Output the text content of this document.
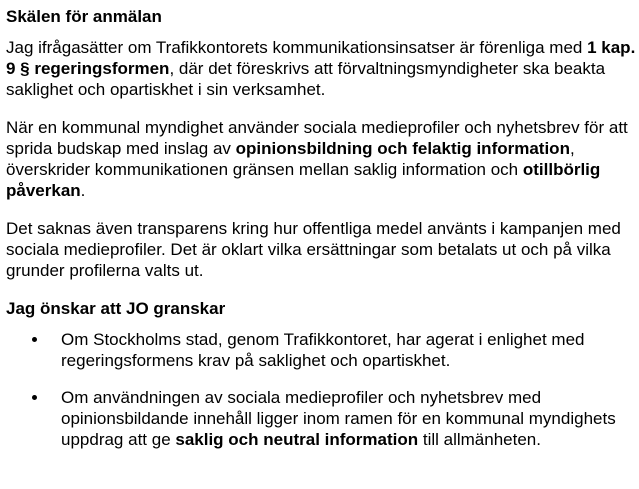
Skälen för anmälan

Jag ifrågasätter om Trafikkontorets kommunikationsinsatser är förenliga med 1 kap. 9 § regeringsformen, där det föreskrivs att förvaltningsmyndigheter ska beakta saklighet och opartiskhet i sin verksamhet.

När en kommunal myndighet använder sociala medieprofiler och nyhetsbrev för att sprida budskap med inslag av opinionsbildning och felaktig information, överskrider kommunikationen gränsen mellan saklig information och otillbörlig påverkan.

Det saknas även transparens kring hur offentliga medel använts i kampanjen med sociala medieprofiler. Det är oklart vilka ersättningar som betalats ut och på vilka grunder profilerna valts ut.

Jag önskar att JO granskar
Om Stockholms stad, genom Trafikkontoret, har agerat i enlighet med regeringsformens krav på saklighet och opartiskhet.
Om användningen av sociala medieprofiler och nyhetsbrev med opinionsbildande innehåll ligger inom ramen för en kommunal myndighets uppdrag att ge saklig och neutral information till allmänheten.
